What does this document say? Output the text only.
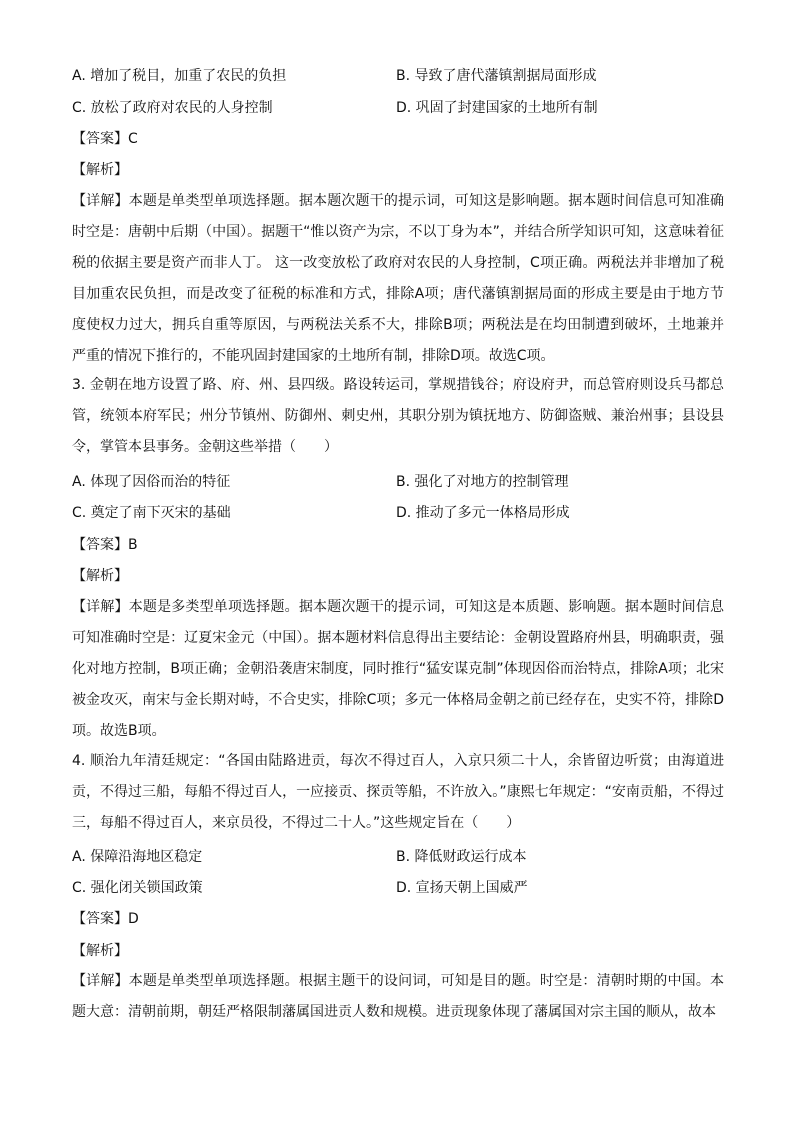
A. 增加了税目，加重了农民的负担	B. 导致了唐代藩镇割据局面形成
C. 放松了政府对农民的人身控制	D. 巩固了封建国家的土地所有制
【答案】C
【解析】
【详解】本题是单类型单项选择题。据本题次题干的提示词，可知这是影响题。据本题时间信息可知准确时空是：唐朝中后期（中国）。据题干“惟以资产为宗，不以丁身为本”，并结合所学知识可知，这意味着征税的依据主要是资产而非人丁。 这一改变放松了政府对农民的人身控制，C项正确。两税法并非增加了税目加重农民负担，而是改变了征税的标准和方式，排除A项；唐代藩镇割据局面的形成主要是由于地方节度使权力过大，拥兵自重等原因，与两税法关系不大，排除B项；两税法是在均田制遭到破坏，土地兼并严重的情况下推行的，不能巩固封建国家的土地所有制，排除D项。故选C项。
3. 金朝在地方设置了路、府、州、县四级。路设转运司，掌规措钱谷；府设府尹，而总管府则设兵马都总管，统领本府军民；州分节镇州、防御州、刺史州，其职分别为镇抚地方、防御盗贼、兼治州事；县设县令，掌管本县事务。金朝这些举措（　　）
A. 体现了因俗而治的特征	B. 强化了对地方的控制管理
C. 奠定了南下灭宋的基础	D. 推动了多元一体格局形成
【答案】B
【解析】
【详解】本题是多类型单项选择题。据本题次题干的提示词，可知这是本质题、影响题。据本题时间信息可知准确时空是：辽夏宋金元（中国）。据本题材料信息得出主要结论：金朝设置路府州县，明确职责，强化对地方控制，B项正确；金朝沿袭唐宋制度，同时推行“猛安谋克制”体现因俗而治特点，排除A项；北宋被金攻灭，南宋与金长期对峙，不合史实，排除C项；多元一体格局金朝之前已经存在，史实不符，排除D项。故选B项。
4. 顺治九年清廷规定：“各国由陆路进贡，每次不得过百人，入京只须二十人，余皆留边听赏；由海道进贡，不得过三船，每船不得过百人，一应接贡、探贡等船，不许放入。”康熙七年规定：“安南贡船，不得过三，每船不得过百人，来京员役，不得过二十人。”这些规定旨在（　　）
A. 保障沿海地区稳定	B. 降低财政运行成本
C. 强化闭关锁国政策	D. 宣扬天朝上国威严
【答案】D
【解析】
【详解】本题是单类型单项选择题。根据主题干的设问词，可知是目的题。时空是：清朝时期的中国。本题大意：清朝前期，朝廷严格限制藩属国进贡人数和规模。进贡现象体现了藩属国对宗主国的顺从，故本
